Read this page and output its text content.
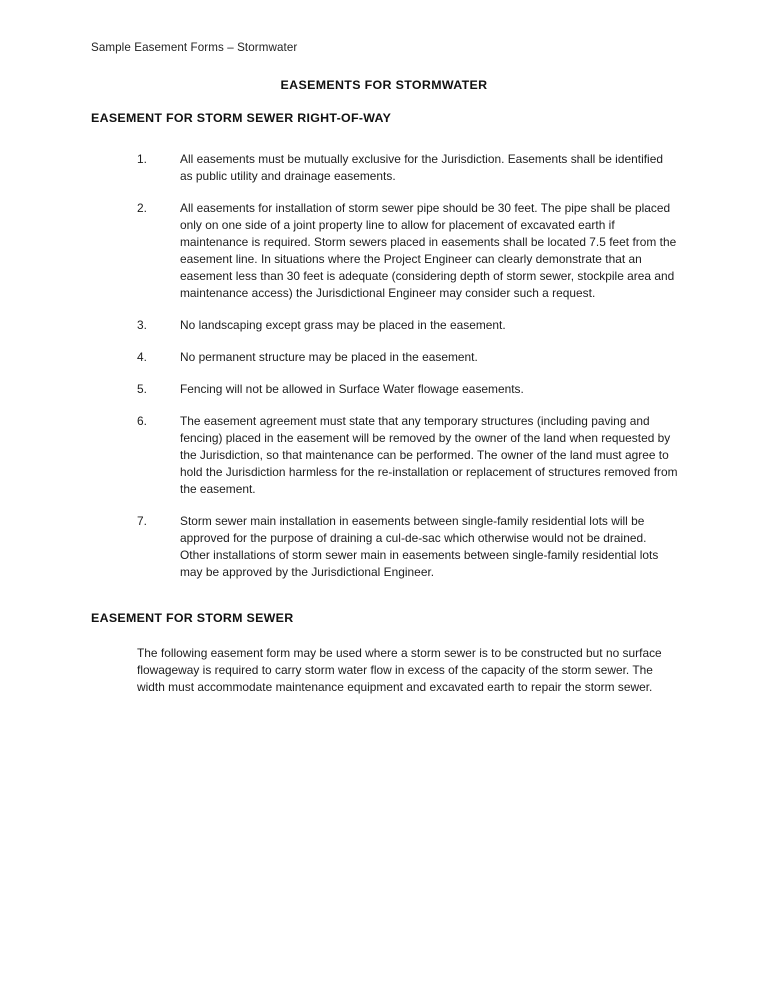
Sample Easement Forms – Stormwater
EASEMENTS FOR STORMWATER
EASEMENT FOR STORM SEWER RIGHT-OF-WAY
1.	All easements must be mutually exclusive for the Jurisdiction. Easements shall be identified as public utility and drainage easements.
2.	All easements for installation of storm sewer pipe should be 30 feet. The pipe shall be placed only on one side of a joint property line to allow for placement of excavated earth if maintenance is required. Storm sewers placed in easements shall be located 7.5 feet from the easement line. In situations where the Project Engineer can clearly demonstrate that an easement less than 30 feet is adequate (considering depth of storm sewer, stockpile area and maintenance access) the Jurisdictional Engineer may consider such a request.
3.	No landscaping except grass may be placed in the easement.
4.	No permanent structure may be placed in the easement.
5.	Fencing will not be allowed in Surface Water flowage easements.
6.	The easement agreement must state that any temporary structures (including paving and fencing) placed in the easement will be removed by the owner of the land when requested by the Jurisdiction, so that maintenance can be performed. The owner of the land must agree to hold the Jurisdiction harmless for the re-installation or replacement of structures removed from the easement.
7.	Storm sewer main installation in easements between single-family residential lots will be approved for the purpose of draining a cul-de-sac which otherwise would not be drained. Other installations of storm sewer main in easements between single-family residential lots may be approved by the Jurisdictional Engineer.
EASEMENT FOR STORM SEWER

The following easement form may be used where a storm sewer is to be constructed but no surface flowageway is required to carry storm water flow in excess of the capacity of the storm sewer. The width must accommodate maintenance equipment and excavated earth to repair the storm sewer.
